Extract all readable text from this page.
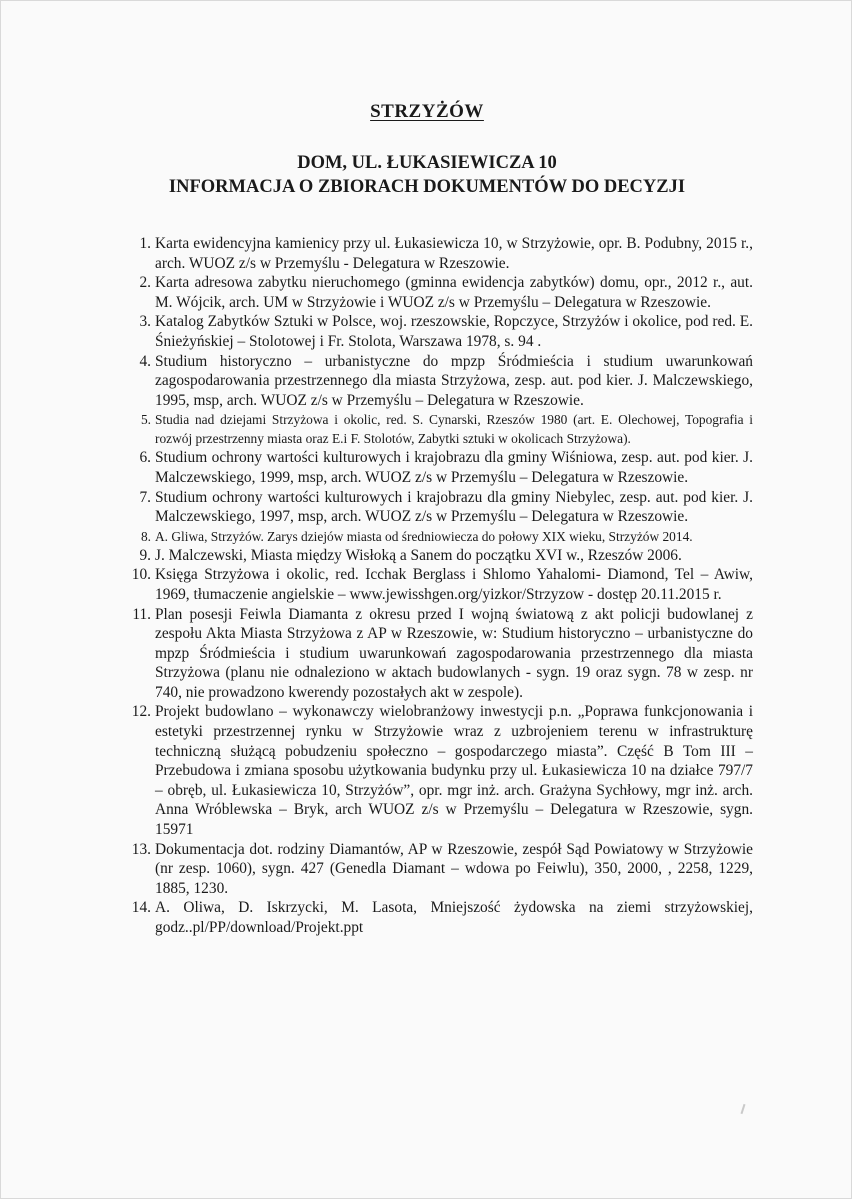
STRZYŻÓW
DOM, UL. ŁUKASIEWICZA 10
INFORMACJA O ZBIORACH DOKUMENTÓW DO DECYZJI
1. Karta ewidencyjna kamienicy przy ul. Łukasiewicza 10, w Strzyżowie, opr. B. Podubny, 2015 r., arch. WUOZ z/s w Przemyślu - Delegatura w Rzeszowie.
2. Karta adresowa zabytku nieruchomego (gminna ewidencja zabytków) domu, opr., 2012 r., aut. M. Wójcik, arch. UM w Strzyżowie i WUOZ z/s w Przemyślu – Delegatura w Rzeszowie.
3. Katalog Zabytków Sztuki w Polsce, woj. rzeszowskie, Ropczyce, Strzyżów i okolice, pod red. E. Śnieżyńskiej – Stolotowej i Fr. Stolota, Warszawa 1978, s. 94 .
4. Studium historyczno – urbanistyczne do mpzp Śródmieścia i studium uwarunkowań zagospodarowania przestrzennego dla miasta Strzyżowa, zesp. aut. pod kier. J. Malczewskiego, 1995, msp, arch. WUOZ z/s w Przemyślu – Delegatura w Rzeszowie.
5. Studia nad dziejami Strzyżowa i okolic, red. S. Cynarski, Rzeszów 1980 (art. E. Olechowej, Topografia i rozwój przestrzenny miasta oraz E.i F. Stolotów, Zabytki sztuki w okolicach Strzyżowa).
6. Studium ochrony wartości kulturowych i krajobrazu dla gminy Wiśniowa, zesp. aut. pod kier. J. Malczewskiego, 1999, msp, arch. WUOZ z/s w Przemyślu – Delegatura w Rzeszowie.
7. Studium ochrony wartości kulturowych i krajobrazu dla gminy Niebylec, zesp. aut. pod kier. J. Malczewskiego, 1997, msp, arch. WUOZ z/s w Przemyślu – Delegatura w Rzeszowie.
8. A. Gliwa, Strzyżów. Zarys dziejów miasta od średniowiecza do połowy XIX wieku, Strzyżów 2014.
9. J. Malczewski, Miasta między Wisłoką a Sanem do początku XVI w., Rzeszów 2006.
10. Księga Strzyżowa i okolic, red. Icchak Berglass i Shlomo Yahalomi- Diamond, Tel – Awiw, 1969, tłumaczenie angielskie – www.jewisshgen.org/yizkor/Strzyzow - dostęp 20.11.2015 r.
11. Plan posesji Feiwla Diamanta z okresu przed I wojną światową z akt policji budowlanej z zespołu Akta Miasta Strzyżowa z AP w Rzeszowie, w: Studium historyczno – urbanistyczne do mpzp Śródmieścia i studium uwarunkowań zagospodarowania przestrzennego dla miasta Strzyżowa (planu nie odnaleziono w aktach budowlanych - sygn. 19 oraz sygn. 78 w zesp. nr 740, nie prowadzono kwerendy pozostałych akt w zespole).
12. Projekt budowlano – wykonawczy wielobranżowy inwestycji p.n. „Poprawa funkcjonowania i estetyki przestrzennej rynku w Strzyżowie wraz z uzbrojeniem terenu w infrastrukturę techniczną służącą pobudzeniu społeczno – gospodarczego miasta”. Część B Tom III – Przebudowa i zmiana sposobu użytkowania budynku przy ul. Łukasiewicza 10 na działce 797/7 – obręb, ul. Łukasiewicza 10, Strzyżów”, opr. mgr inż. arch. Grażyna Sychłowy, mgr inż. arch. Anna Wróblewska – Bryk, arch WUOZ z/s w Przemyślu – Delegatura w Rzeszowie, sygn. 15971
13. Dokumentacja dot. rodziny Diamantów, AP w Rzeszowie, zespół Sąd Powiatowy w Strzyżowie (nr zesp. 1060), sygn. 427 (Genedla Diamant – wdowa po Feiwlu), 350, 2000, , 2258, 1229, 1885, 1230.
14. A. Oliwa, D. Iskrzycki, M. Lasota, Mniejszość żydowska na ziemi strzyżowskiej, godz..pl/PP/download/Projekt.ppt
